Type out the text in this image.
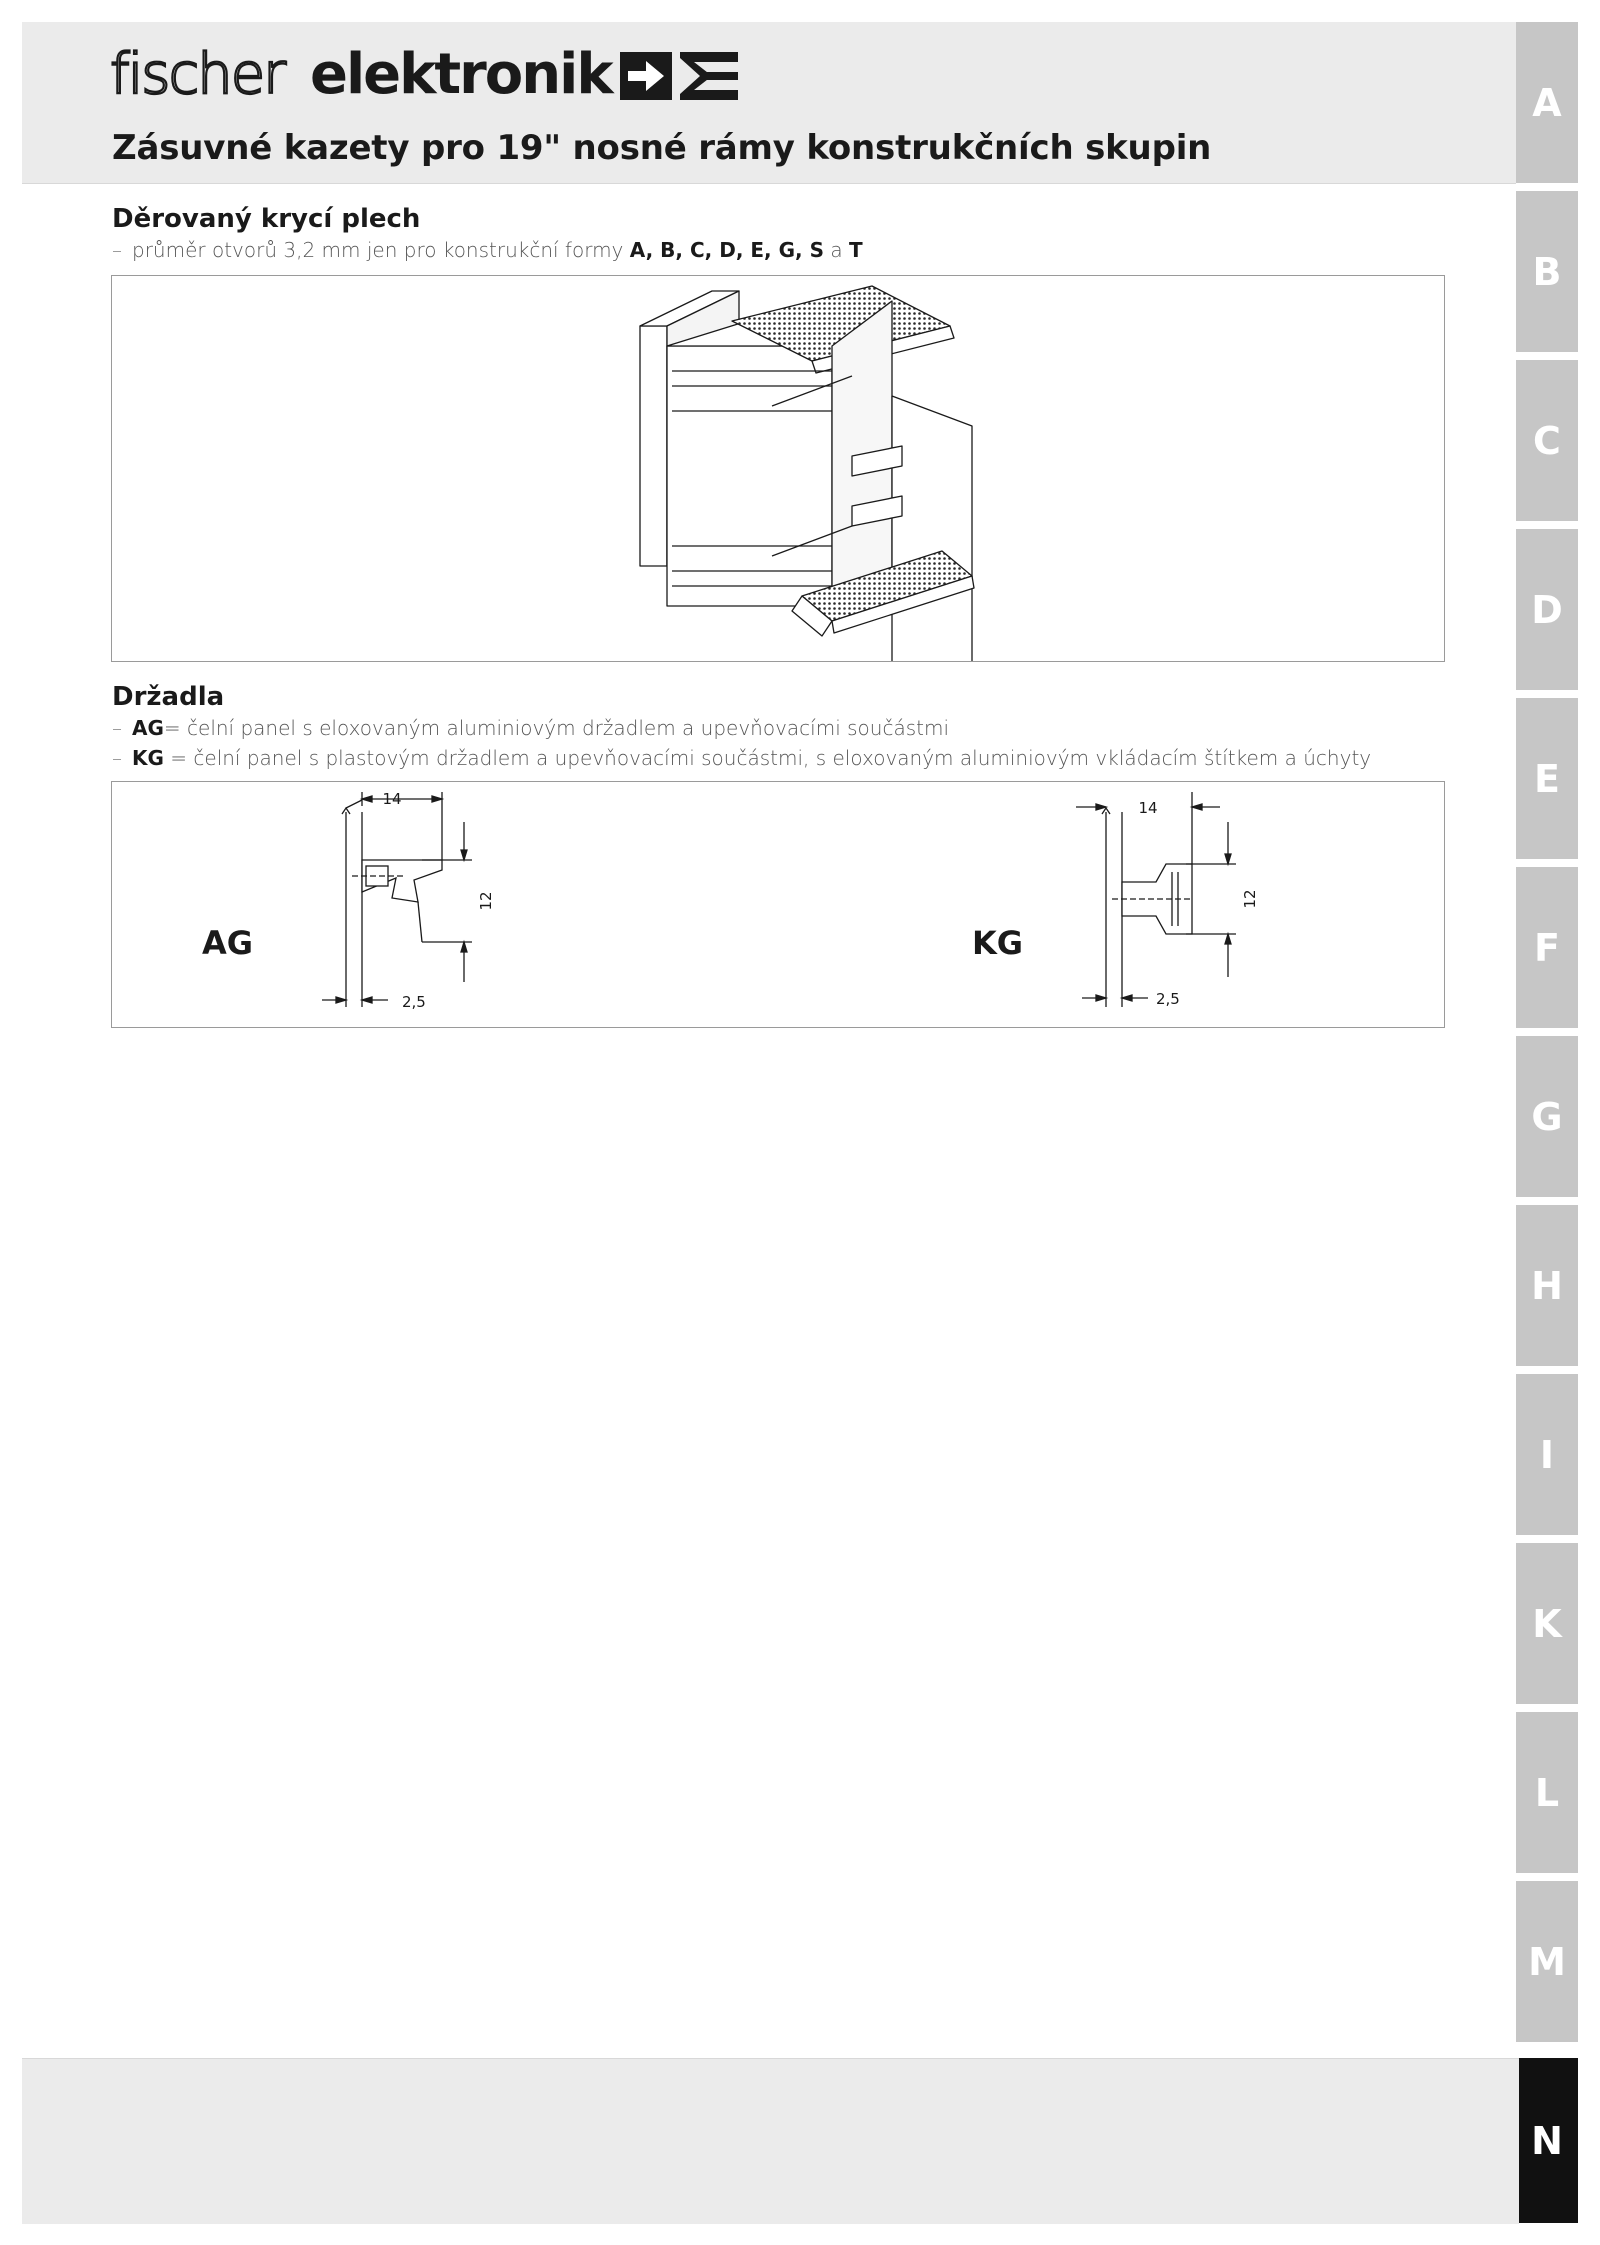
fischer elektronik
Zásuvné kazety pro 19" nosné rámy konstrukčních skupin
Děrovaný krycí plech
– průměr otvorů 3,2 mm jen pro konstrukční formy A, B, C, D, E, G, S a T
Držadla
– AG= čelní panel s eloxovaným aluminiovým držadlem a upevňovacími součástmi
– KG = čelní panel s plastovým držadlem a upevňovacími součástmi, s eloxovaným aluminiovým vkládacím štítkem a úchyty
AG	KG
14
12
2,5
14
12
2,5
A
B
C
D
E
F
G
H
I
K
L
M
N
